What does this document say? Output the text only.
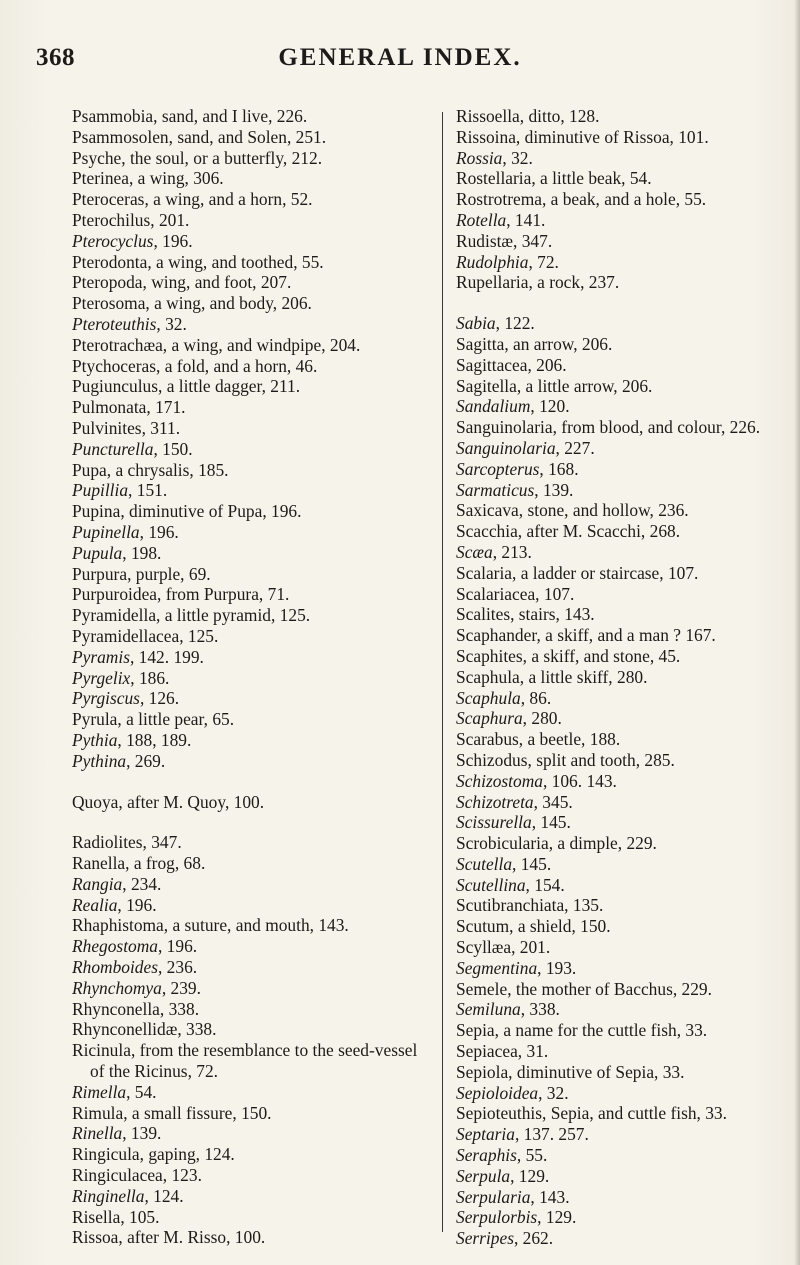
368	GENERAL INDEX.

Psammobia, sand, and I live, 226.

Psammosolen, sand, and Solen, 251.

Psyche, the soul, or a butterfly, 212.

Pterinea, a wing, 306.

Pteroceras, a wing, and a horn, 52.

Pterochilus, 201.

Pterocyclus, 196.

Pterodonta, a wing, and toothed, 55.

Pteropoda, wing, and foot, 207.

Pterosoma, a wing, and body, 206.

Pteroteuthis, 32.

Pterotrachæa, a wing, and windpipe, 204.

Ptychoceras, a fold, and a horn, 46.

Pugiunculus, a little dagger, 211.

Pulmonata, 171.

Pulvinites, 311.

Puncturella, 150.

Pupa, a chrysalis, 185.

Pupillia, 151.

Pupina, diminutive of Pupa, 196.

Pupinella, 196.

Pupula, 198.

Purpura, purple, 69.

Purpuroidea, from Purpura, 71.

Pyramidella, a little pyramid, 125.

Pyramidellacea, 125.

Pyramis, 142. 199.

Pyrgelix, 186.

Pyrgiscus, 126.

Pyrula, a little pear, 65.

Pythia, 188, 189.

Pythina, 269.

Quoya, after M. Quoy, 100.

Radiolites, 347.

Ranella, a frog, 68.

Rangia, 234.

Realia, 196.

Rhaphistoma, a suture, and mouth, 143.

Rhegostoma, 196.

Rhomboides, 236.

Rhynchomya, 239.

Rhynconella, 338.

Rhynconellidæ, 338.

Ricinula, from the resemblance to the seed-vessel of the Ricinus, 72.

Rimella, 54.

Rimula, a small fissure, 150.

Rinella, 139.

Ringicula, gaping, 124.

Ringiculacea, 123.

Ringinella, 124.

Risella, 105.

Rissoa, after M. Risso, 100.

Rissoella, ditto, 128.

Rissoina, diminutive of Rissoa, 101.

Rossia, 32.

Rostellaria, a little beak, 54.

Rostrotrema, a beak, and a hole, 55.

Rotella, 141.

Rudistæ, 347.

Rudolphia, 72.

Rupellaria, a rock, 237.

Sabia, 122.

Sagitta, an arrow, 206.

Sagittacea, 206.

Sagitella, a little arrow, 206.

Sandalium, 120.

Sanguinolaria, from blood, and colour, 226.

Sanguinolaria, 227.

Sarcopterus, 168.

Sarmaticus, 139.

Saxicava, stone, and hollow, 236.

Scacchia, after M. Scacchi, 268.

Scæa, 213.

Scalaria, a ladder or staircase, 107.

Scalariacea, 107.

Scalites, stairs, 143.

Scaphander, a skiff, and a man ? 167.

Scaphites, a skiff, and stone, 45.

Scaphula, a little skiff, 280.

Scaphula, 86.

Scaphura, 280.

Scarabus, a beetle, 188.

Schizodus, split and tooth, 285.

Schizostoma, 106. 143.

Schizotreta, 345.

Scissurella, 145.

Scrobicularia, a dimple, 229.

Scutella, 145.

Scutellina, 154.

Scutibranchiata, 135.

Scutum, a shield, 150.

Scyllæa, 201.

Segmentina, 193.

Semele, the mother of Bacchus, 229.

Semiluna, 338.

Sepia, a name for the cuttle fish, 33.

Sepiacea, 31.

Sepiola, diminutive of Sepia, 33.

Sepioloidea, 32.

Sepioteuthis, Sepia, and cuttle fish, 33.

Septaria, 137. 257.

Seraphis, 55.

Serpula, 129.

Serpularia, 143.

Serpulorbis, 129.

Serripes, 262.
